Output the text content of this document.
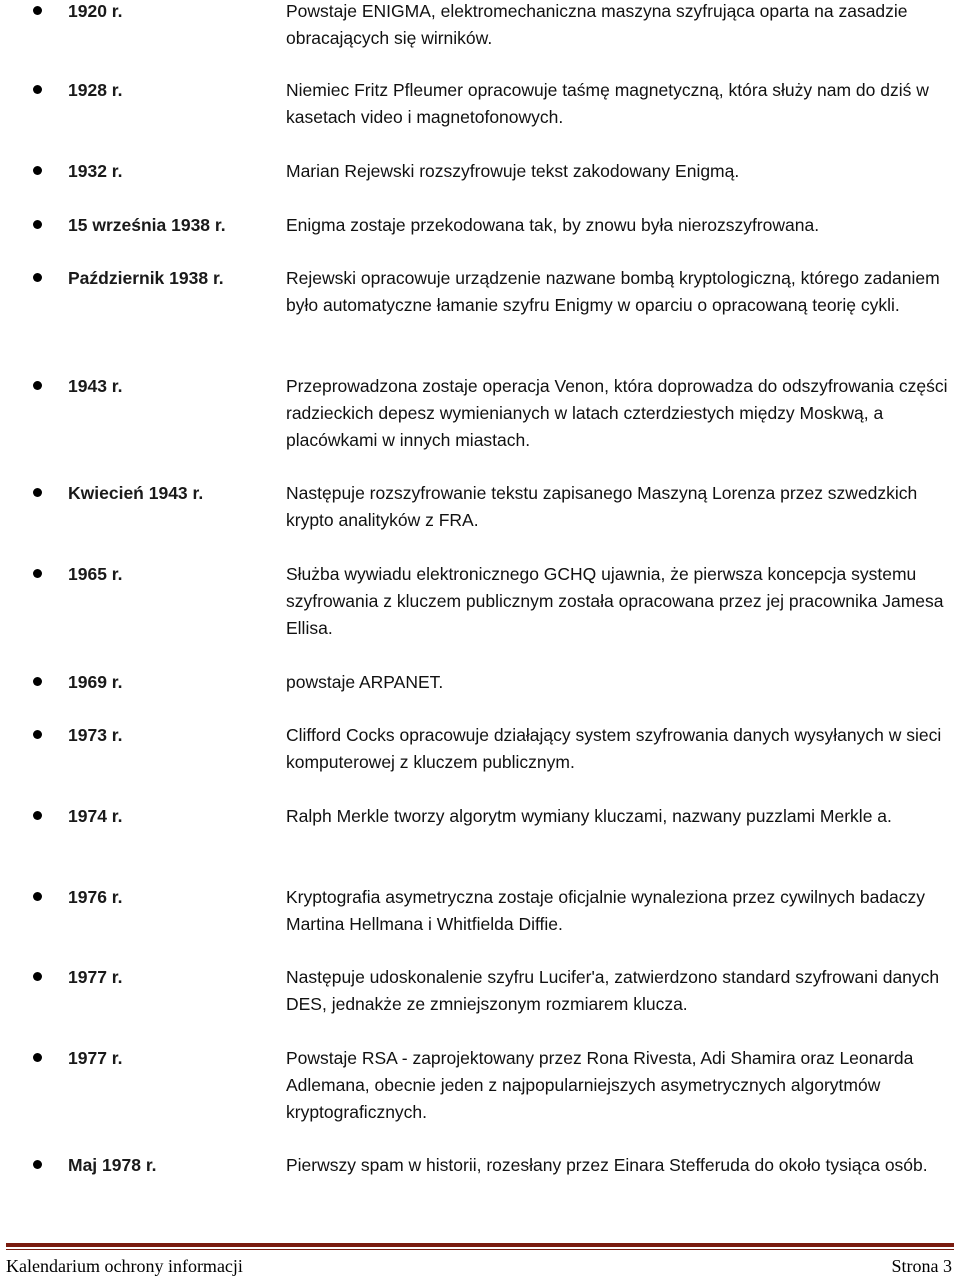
1920 r.	Powstaje ENIGMA, elektromechaniczna maszyna szyfrująca oparta na zasadzie obracających się wirników.
1928 r.	Niemiec Fritz Pfleumer opracowuje taśmę magnetyczną, która służy nam do dziś w kasetach video i magnetofonowych.
1932 r.	Marian Rejewski rozszyfrowuje tekst zakodowany Enigmą.
15 września 1938 r.	Enigma zostaje przekodowana tak, by znowu była nierozszyfrowana.
Październik 1938 r.	Rejewski opracowuje urządzenie nazwane bombą kryptologiczną, którego zadaniem było automatyczne łamanie szyfru Enigmy w oparciu o opracowaną teorię cykli.
1943 r.	Przeprowadzona zostaje operacja Venon, która doprowadza do odszyfrowania części radzieckich depesz wymienianych w latach czterdziestych między Moskwą, a placówkami w innych miastach.
Kwiecień 1943 r.	Następuje rozszyfrowanie tekstu zapisanego Maszyną Lorenza przez szwedzkich krypto analityków z FRA.
1965 r.	Służba wywiadu elektronicznego GCHQ ujawnia, że pierwsza koncepcja systemu szyfrowania z kluczem publicznym została opracowana przez jej pracownika Jamesa Ellisa.
1969 r.	powstaje ARPANET.
1973 r.	Clifford Cocks opracowuje działający system szyfrowania danych wysyłanych w sieci komputerowej z kluczem publicznym.
1974 r.	Ralph Merkle tworzy algorytm wymiany kluczami, nazwany puzzlami Merkle a.
1976 r.	Kryptografia asymetryczna zostaje oficjalnie wynaleziona przez cywilnych badaczy Martina Hellmana i Whitfielda Diffie.
1977 r.	Następuje udoskonalenie szyfru Lucifer'a, zatwierdzono standard szyfrowani danych DES, jednakże ze zmniejszonym rozmiarem klucza.
1977 r.	Powstaje RSA - zaprojektowany przez Rona Rivesta, Adi Shamira oraz Leonarda Adlemana, obecnie jeden z najpopularniejszych asymetrycznych algorytmów kryptograficznych.
Maj 1978 r.	Pierwszy spam w historii, rozesłany przez Einara Stefferuda do około tysiąca osób.
Kalendarium ochrony informacji	Strona 3
